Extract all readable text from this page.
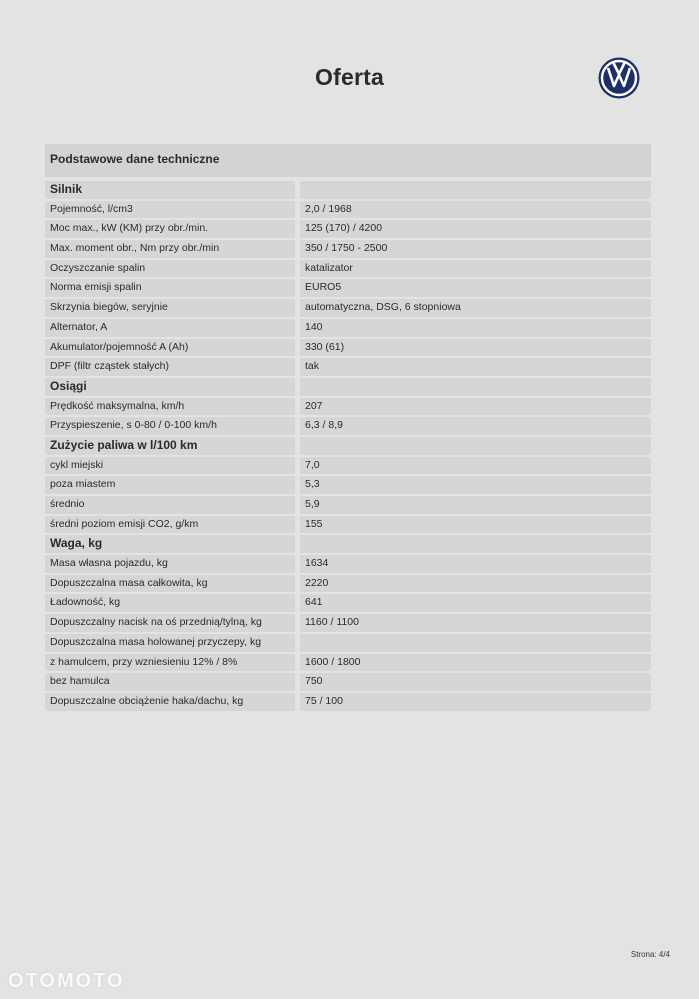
Oferta
Podstawowe dane techniczne
Silnik
Pojemność, l/cm3	2,0 / 1968
Moc max., kW (KM) przy obr./min.	125 (170) / 4200
Max. moment obr., Nm przy obr./min	350 / 1750 - 2500
Oczyszczanie spalin	katalizator
Norma emisji spalin	EURO5
Skrzynia biegów, seryjnie	automatyczna, DSG, 6 stopniowa
Alternator, A	140
Akumulator/pojemność A (Ah)	330 (61)
DPF (filtr cząstek stałych)	tak
Osiągi
Prędkość maksymalna, km/h	207
Przyspieszenie, s 0-80 / 0-100 km/h	6,3 / 8,9
Zużycie paliwa w l/100 km
cykl miejski	7,0
poza miastem	5,3
średnio	5,9
średni poziom emisji CO2, g/km	155
Waga, kg
Masa własna pojazdu, kg	1634
Dopuszczalna masa całkowita, kg	2220
Ładowność, kg	641
Dopuszczalny nacisk na oś przednią/tylną, kg	1160 / 1100
Dopuszczalna masa holowanej przyczepy, kg
z hamulcem, przy wzniesieniu 12% / 8%	1600 / 1800
bez hamulca	750
Dopuszczalne obciążenie haka/dachu, kg	75 / 100
Strona: 4/4
OTOMOTO
